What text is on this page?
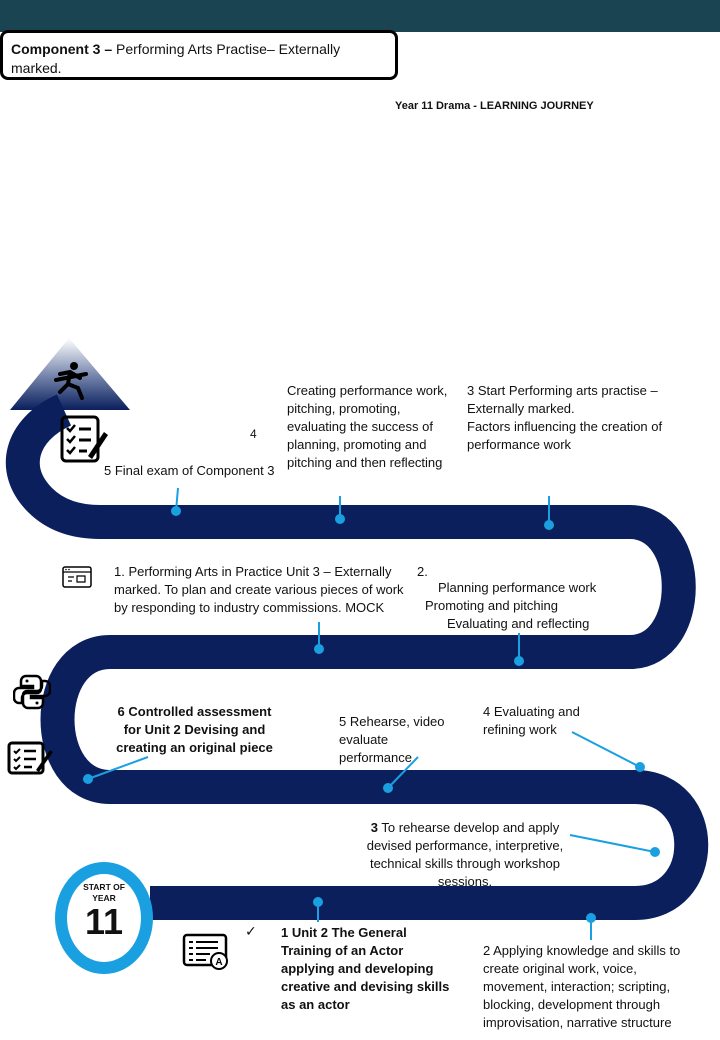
Component 3 – Performing Arts Practise– Externally marked.
Year 11 Drama - LEARNING JOURNEY
A
START OF YEAR
11
Creating performance work, pitching, promoting, evaluating the success of planning, promoting and pitching and then reflecting
4
3 Start Performing arts practise – Externally marked.
Factors influencing the creation of performance work
5 Final exam of Component 3
1. Performing Arts in Practice Unit 3 – Externally marked. To plan and create various pieces of work by responding to industry commissions. MOCK
2.
Planning performance work
Promoting and pitching
Evaluating and reflecting
6 Controlled assessment for Unit 2 Devising and creating an original piece
5 Rehearse, video evaluate performance
4 Evaluating and refining work
3 To rehearse develop and apply devised performance, interpretive, technical skills through workshop sessions.
✓ 1 Unit 2 The General Training of an Actor applying and developing creative and devising skills as an actor
2 Applying knowledge and skills to create original work, voice, movement, interaction; scripting, blocking, development through improvisation, narrative structure
